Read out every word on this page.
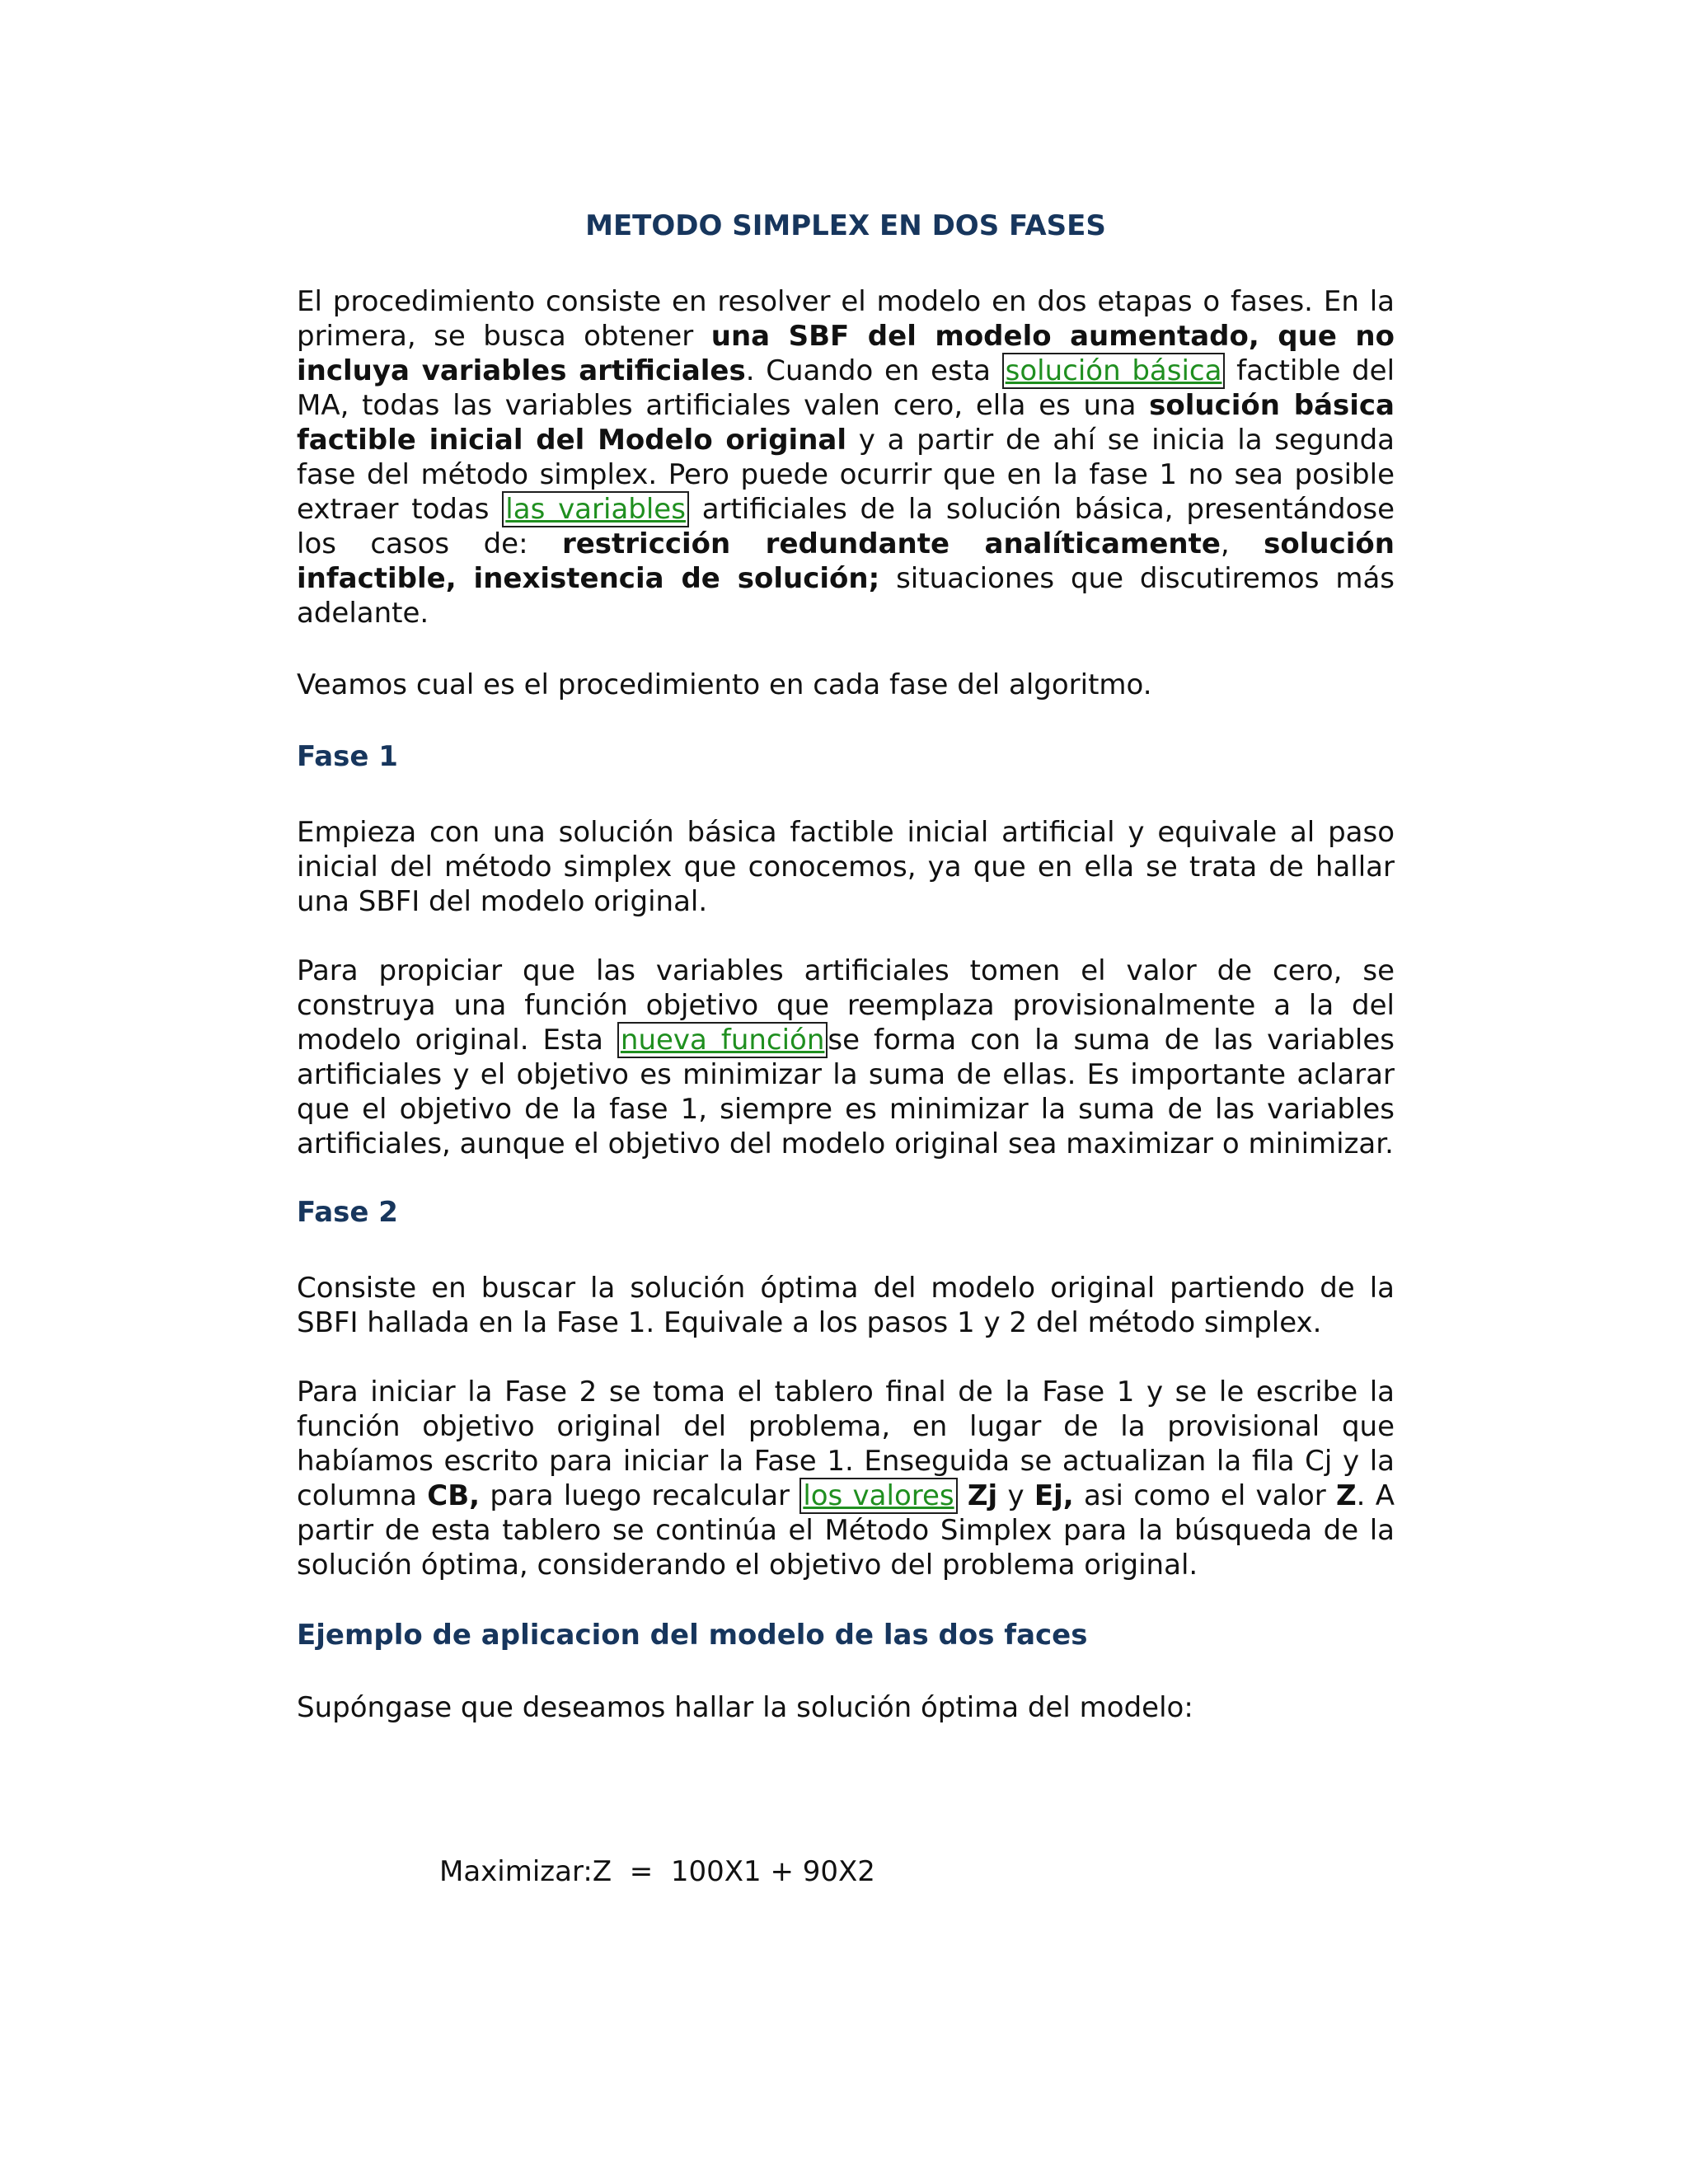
METODO SIMPLEX EN DOS FASES

El procedimiento consiste en resolver el modelo en dos etapas o fases. En la primera, se busca obtener una SBF del modelo aumentado, que no incluya variables artificiales. Cuando en esta solución básica factible del MA, todas las variables artificiales valen cero, ella es una solución básica factible inicial del Modelo original y a partir de ahí se inicia la segunda fase del método simplex. Pero puede ocurrir que en la fase 1 no sea posible extraer todas las variables artificiales de la solución básica, presentándose los casos de: restricción redundante analíticamente, solución infactible, inexistencia de solución; situaciones que discutiremos más adelante.

Veamos cual es el procedimiento en cada fase del algoritmo.

Fase 1

Empieza con una solución básica factible inicial artificial y equivale al paso inicial del método simplex que conocemos, ya que en ella se trata de hallar una SBFI del modelo original.

Para propiciar que las variables artificiales tomen el valor de cero, se construya una función objetivo que reemplaza provisionalmente a la del modelo original. Esta nueva función se forma con la suma de las variables artificiales y el objetivo es minimizar la suma de ellas. Es importante aclarar que el objetivo de la fase 1, siempre es minimizar la suma de las variables artificiales, aunque el objetivo del modelo original sea maximizar o minimizar.

Fase 2

Consiste en buscar la solución óptima del modelo original partiendo de la SBFI hallada en la Fase 1. Equivale a los pasos 1 y 2 del método simplex.

Para iniciar la Fase 2 se toma el tablero final de la Fase 1 y se le escribe la función objetivo original del problema, en lugar de la provisional que habíamos escrito para iniciar la Fase 1. Enseguida se actualizan la fila Cj y la columna CB, para luego recalcular los valores Zj y Ej, asi como el valor Z. A partir de esta tablero se continúa el Método Simplex para la búsqueda de la solución óptima, considerando el objetivo del problema original.

Ejemplo de aplicacion del modelo de las dos faces

Supóngase que deseamos hallar la solución óptima del modelo:

Maximizar:Z  =  100X1 + 90X2
